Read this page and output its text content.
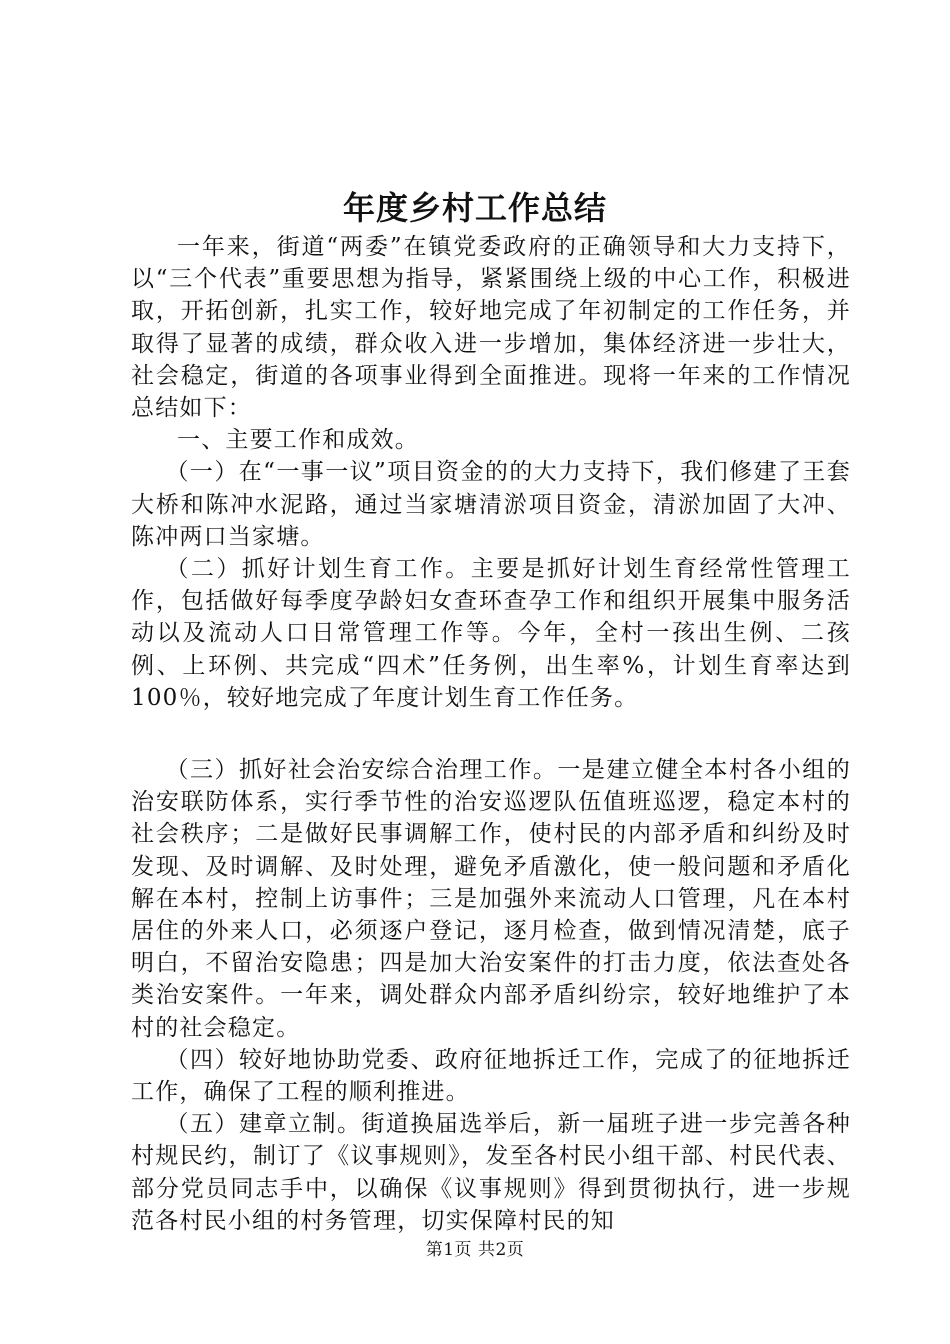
年度乡村工作总结

一年来，街道“两委”在镇党委政府的正确领导和大力支持下，以“三个代表”重要思想为指导，紧紧围绕上级的中心工作，积极进取，开拓创新，扎实工作，较好地完成了年初制定的工作任务，并取得了显著的成绩，群众收入进一步增加，集体经济进一步壮大，社会稳定，街道的各项事业得到全面推进。现将一年来的工作情况总结如下：

一、主要工作和成效。

（一）在“一事一议”项目资金的的大力支持下，我们修建了王套大桥和陈冲水泥路，通过当家塘清淤项目资金，清淤加固了大冲、陈冲两口当家塘。

（二）抓好计划生育工作。主要是抓好计划生育经常性管理工作，包括做好每季度孕龄妇女查环查孕工作和组织开展集中服务活动以及流动人口日常管理工作等。今年，全村一孩出生例、二孩例、上环例、共完成“四术”任务例，出生率%，计划生育率达到100％，较好地完成了年度计划生育工作任务。

（三）抓好社会治安综合治理工作。一是建立健全本村各小组的治安联防体系，实行季节性的治安巡逻队伍值班巡逻，稳定本村的社会秩序；二是做好民事调解工作，使村民的内部矛盾和纠纷及时发现、及时调解、及时处理，避免矛盾激化，使一般问题和矛盾化解在本村，控制上访事件；三是加强外来流动人口管理，凡在本村居住的外来人口，必须逐户登记，逐月检查，做到情况清楚，底子明白，不留治安隐患；四是加大治安案件的打击力度，依法查处各类治安案件。一年来，调处群众内部矛盾纠纷宗，较好地维护了本村的社会稳定。

（四）较好地协助党委、政府征地拆迁工作，完成了的征地拆迁工作，确保了工程的顺利推进。

（五）建章立制。街道换届选举后，新一届班子进一步完善各种村规民约，制订了《议事规则》，发至各村民小组干部、村民代表、部分党员同志手中，以确保《议事规则》得到贯彻执行，进一步规范各村民小组的村务管理，切实保障村民的知

第1页 共2页
